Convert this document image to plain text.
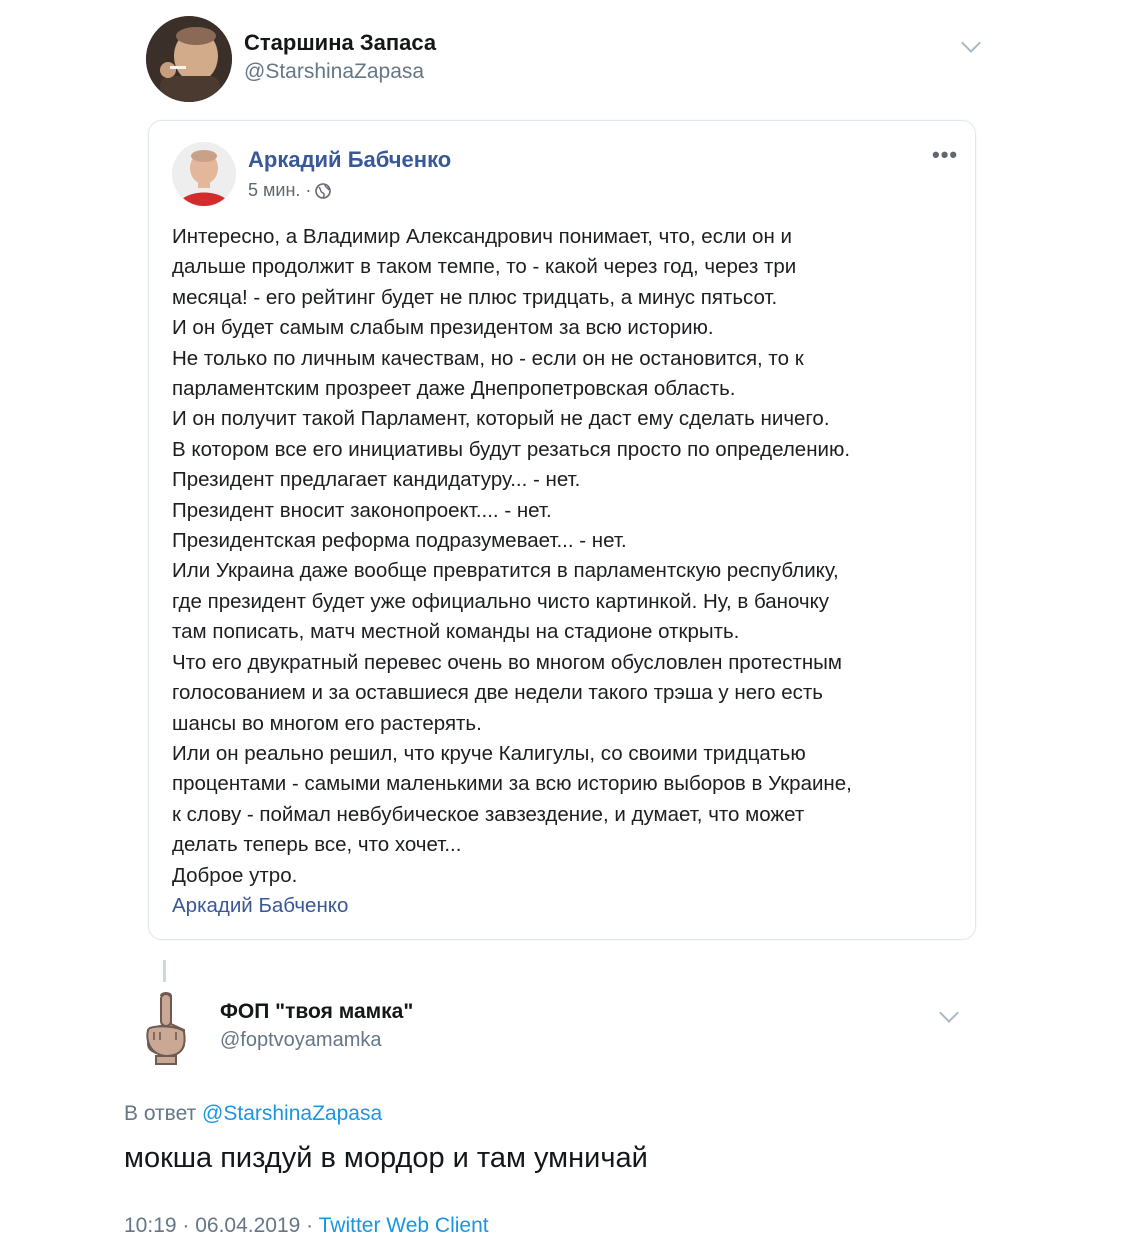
Старшина Запаса
@StarshinaZapasa
Аркадий Бабченко
5 мин. ·
•••
Интересно, а Владимир Александрович понимает, что, если он и
дальше продолжит в таком темпе, то - какой через год, через три
месяца! - его рейтинг будет не плюс тридцать, а минус пятьсот.
И он будет самым слабым президентом за всю историю.
Не только по личным качествам, но - если он не остановится, то к
парламентским прозреет даже Днепропетровская область.
И он получит такой Парламент, который не даст ему сделать ничего.
В котором все его инициативы будут резаться просто по определению.
Президент предлагает кандидатуру... - нет.
Президент вносит законопроект.... - нет.
Президентская реформа подразумевает... - нет.
Или Украина даже вообще превратится в парламентскую республику,
где президент будет уже официально чисто картинкой. Ну, в баночку
там пописать, матч местной команды на стадионе открыть.
Что его двукратный перевес очень во многом обусловлен протестным
голосованием и за оставшиеся две недели такого трэша у него есть
шансы во многом его растерять.
Или он реально решил, что круче Калигулы, со своими тридцатью
процентами - самыми маленькими за всю историю выборов в Украине,
к слову - поймал невбубическое завзездение, и думает, что может
делать теперь все, что хочет...
Доброе утро.
Аркадий Бабченко
ФОП "твоя мамка"
@foptvoyamamka
В ответ @StarshinaZapasa
мокша пиздуй в мордор и там умничай
10:19 · 06.04.2019 · Twitter Web Client
